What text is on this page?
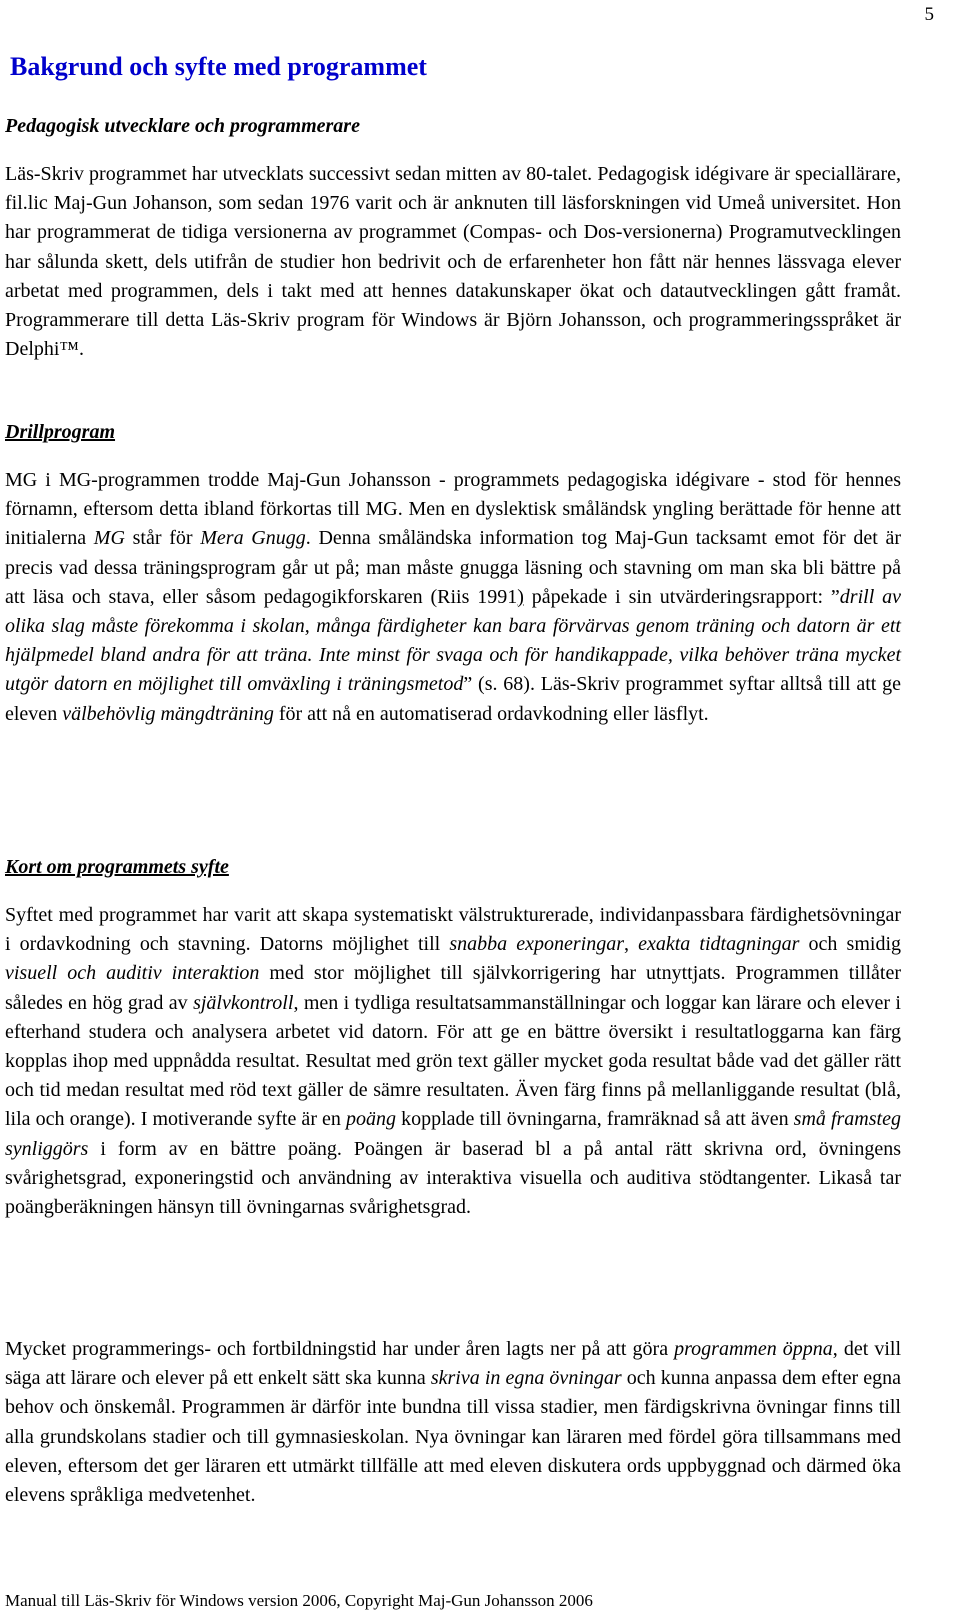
5
Bakgrund och syfte med programmet
Pedagogisk utvecklare och programmerare

Läs-Skriv programmet har utvecklats successivt sedan mitten av 80-talet. Pedagogisk idégivare är speciallärare, fil.lic Maj-Gun Johanson, som sedan 1976 varit och är anknuten till läsforskningen vid Umeå universitet. Hon har programmerat de tidiga versionerna av programmet (Compas- och Dos-versionerna) Programutvecklingen har sålunda skett, dels utifrån de studier hon bedrivit och de erfarenheter hon fått när hennes lässvaga elever arbetat med programmen, dels i takt med att hennes datakunskaper ökat och datautvecklingen gått framåt. Programmerare till detta Läs-Skriv program för Windows är Björn Johansson, och programmeringsspråket är Delphi™.

Drillprogram

MG i MG-programmen trodde Maj-Gun Johansson - programmets pedagogiska idégivare - stod för hennes förnamn, eftersom detta ibland förkortas till MG. Men en dyslektisk småländsk yngling berättade för henne att initialerna MG står för Mera Gnugg. Denna småländska information tog Maj-Gun tacksamt emot för det är precis vad dessa träningsprogram går ut på; man måste gnugga läsning och stavning om man ska bli bättre på att läsa och stava, eller såsom pedagogikforskaren (Riis 1991) påpekade i sin utvärderingsrapport: ”drill av olika slag måste förekomma i skolan, många färdigheter kan bara förvärvas genom träning och datorn är ett hjälpmedel bland andra för att träna. Inte minst för svaga och för handikappade, vilka behöver träna mycket utgör datorn en möjlighet till omväxling i träningsmetod” (s. 68). Läs-Skriv programmet syftar alltså till att ge eleven välbehövlig mängdträning för att nå en automatiserad ordavkodning eller läsflyt.

Kort om programmets syfte

Syftet med programmet har varit att skapa systematiskt välstrukturerade, individanpassbara färdighetsövningar i ordavkodning och stavning. Datorns möjlighet till snabba exponeringar, exakta tidtagningar och smidig visuell och auditiv interaktion med stor möjlighet till självkorrigering har utnyttjats. Programmen tillåter således en hög grad av självkontroll, men i tydliga resultatsammanställningar och loggar kan lärare och elever i efterhand studera och analysera arbetet vid datorn. För att ge en bättre översikt i resultatloggarna kan färg kopplas ihop med uppnådda resultat. Resultat med grön text gäller mycket goda resultat både vad det gäller rätt och tid medan resultat med röd text gäller de sämre resultaten. Även färg finns på mellanliggande resultat (blå, lila och orange). I motiverande syfte är en poäng kopplade till övningarna, framräknad så att även små framsteg synliggörs i form av en bättre poäng. Poängen är baserad bl a på antal rätt skrivna ord, övningens svårighetsgrad, exponeringstid och användning av interaktiva visuella och auditiva stödtangenter. Likaså tar poängberäkningen hänsyn till övningarnas svårighetsgrad.

Mycket programmerings- och fortbildningstid har under åren lagts ner på att göra programmen öppna, det vill säga att lärare och elever på ett enkelt sätt ska kunna skriva in egna övningar och kunna anpassa dem efter egna behov och önskemål. Programmen är därför inte bundna till vissa stadier, men färdigskrivna övningar finns till alla grundskolans stadier och till gymnasieskolan. Nya övningar kan läraren med fördel göra tillsammans med eleven, eftersom det ger läraren ett utmärkt tillfälle att med eleven diskutera ords uppbyggnad och därmed öka elevens språkliga medvetenhet.

Manual till Läs-Skriv för Windows version 2006, Copyright Maj-Gun Johansson 2006
